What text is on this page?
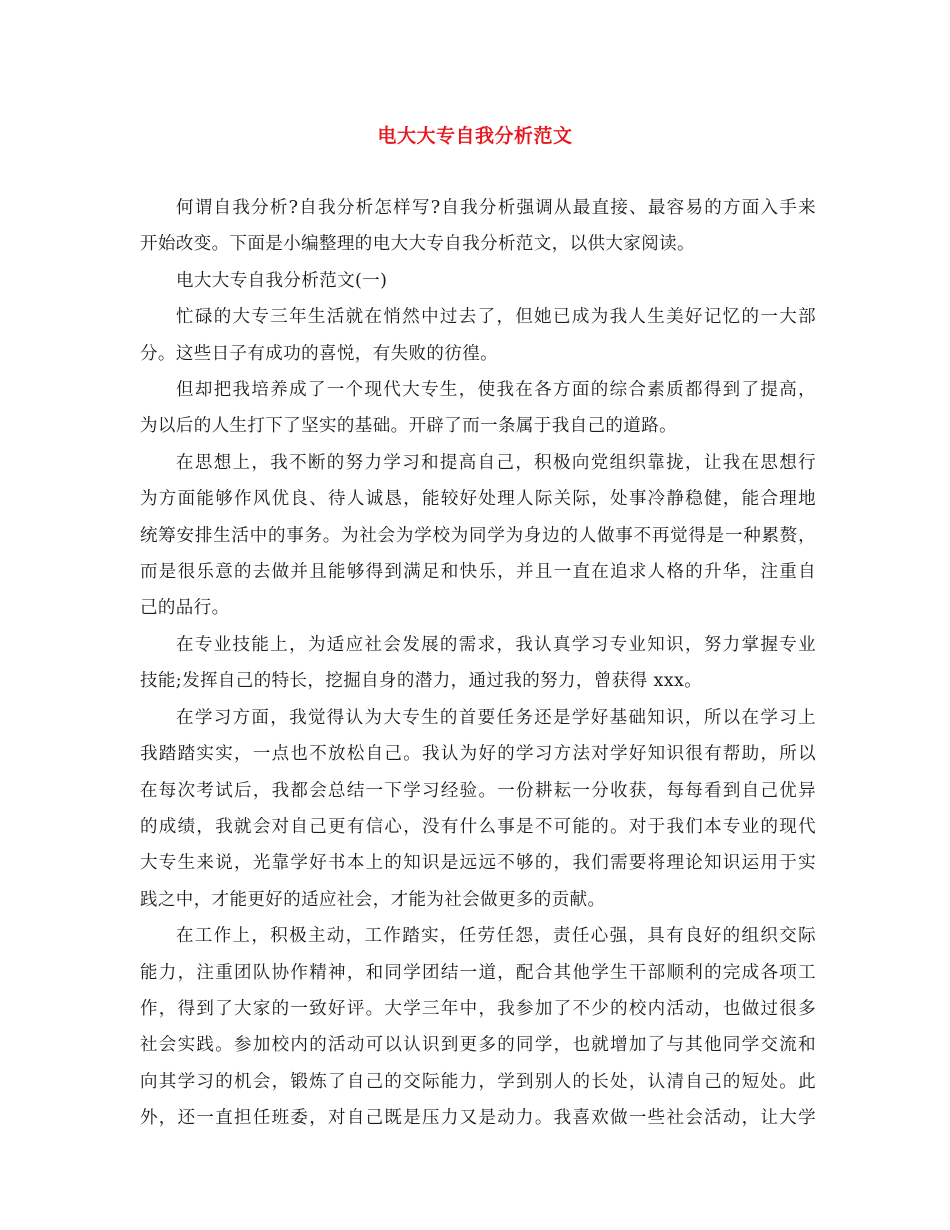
电大大专自我分析范文
何谓自我分析?自我分析怎样写?自我分析强调从最直接、最容易的方面入手来
开始改变。下面是小编整理的电大大专自我分析范文，以供大家阅读。
电大大专自我分析范文(一)
忙碌的大专三年生活就在悄然中过去了，但她已成为我人生美好记忆的一大部
分。这些日子有成功的喜悦，有失败的彷徨。
但却把我培养成了一个现代大专生，使我在各方面的综合素质都得到了提高，
为以后的人生打下了坚实的基础。开辟了而一条属于我自己的道路。
在思想上，我不断的努力学习和提高自己，积极向党组织靠拢，让我在思想行
为方面能够作风优良、待人诚恳，能较好处理人际关际，处事冷静稳健，能合理地
统筹安排生活中的事务。为社会为学校为同学为身边的人做事不再觉得是一种累赘，
而是很乐意的去做并且能够得到满足和快乐，并且一直在追求人格的升华，注重自
己的品行。
在专业技能上，为适应社会发展的需求，我认真学习专业知识，努力掌握专业
技能;发挥自己的特长，挖掘自身的潜力，通过我的努力，曾获得 xxx。
在学习方面，我觉得认为大专生的首要任务还是学好基础知识，所以在学习上
我踏踏实实，一点也不放松自己。我认为好的学习方法对学好知识很有帮助，所以
在每次考试后，我都会总结一下学习经验。一份耕耘一分收获，每每看到自己优异
的成绩，我就会对自己更有信心，没有什么事是不可能的。对于我们本专业的现代
大专生来说，光靠学好书本上的知识是远远不够的，我们需要将理论知识运用于实
践之中，才能更好的适应社会，才能为社会做更多的贡献。
在工作上，积极主动，工作踏实，任劳任怨，责任心强，具有良好的组织交际
能力，注重团队协作精神，和同学团结一道，配合其他学生干部顺利的完成各项工
作，得到了大家的一致好评。大学三年中，我参加了不少的校内活动，也做过很多
社会实践。参加校内的活动可以认识到更多的同学，也就增加了与其他同学交流和
向其学习的机会，锻炼了自己的交际能力，学到别人的长处，认清自己的短处。此
外，还一直担任班委，对自己既是压力又是动力。我喜欢做一些社会活动，让大学
